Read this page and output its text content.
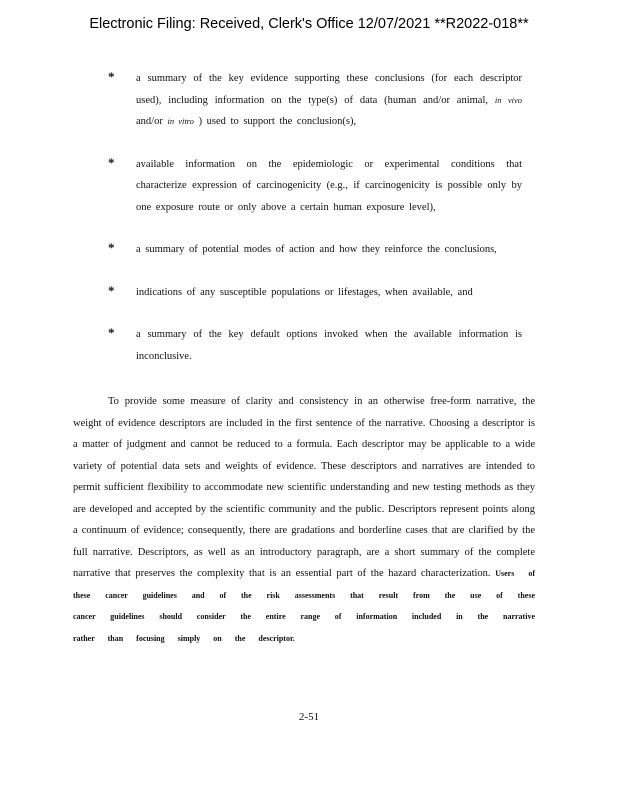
Electronic Filing: Received, Clerk's Office 12/07/2021 **R2022-018**
* a summary of the key evidence supporting these conclusions (for each descriptor used), including information on the type(s) of data (human and/or animal, in vivo and/or in vitro ) used to support the conclusion(s),
* available information on the epidemiologic or experimental conditions that characterize expression of carcinogenicity (e.g., if carcinogenicity is possible only by one exposure route or only above a certain human exposure level),
* a summary of potential modes of action and how they reinforce the conclusions,
* indications of any susceptible populations or lifestages, when available, and
* a summary of the key default options invoked when the available information is inconclusive.
To provide some measure of clarity and consistency in an otherwise free-form narrative, the weight of evidence descriptors are included in the first sentence of the narrative. Choosing a descriptor is a matter of judgment and cannot be reduced to a formula. Each descriptor may be applicable to a wide variety of potential data sets and weights of evidence. These descriptors and narratives are intended to permit sufficient flexibility to accommodate new scientific understanding and new testing methods as they are developed and accepted by the scientific community and the public. Descriptors represent points along a continuum of evidence; consequently, there are gradations and borderline cases that are clarified by the full narrative. Descriptors, as well as an introductory paragraph, are a short summary of the complete narrative that preserves the complexity that is an essential part of the hazard characterization. Users of these cancer guidelines and of the risk assessments that result from the use of these cancer guidelines should consider the entire range of information included in the narrative rather than focusing simply on the descriptor.
2-51
